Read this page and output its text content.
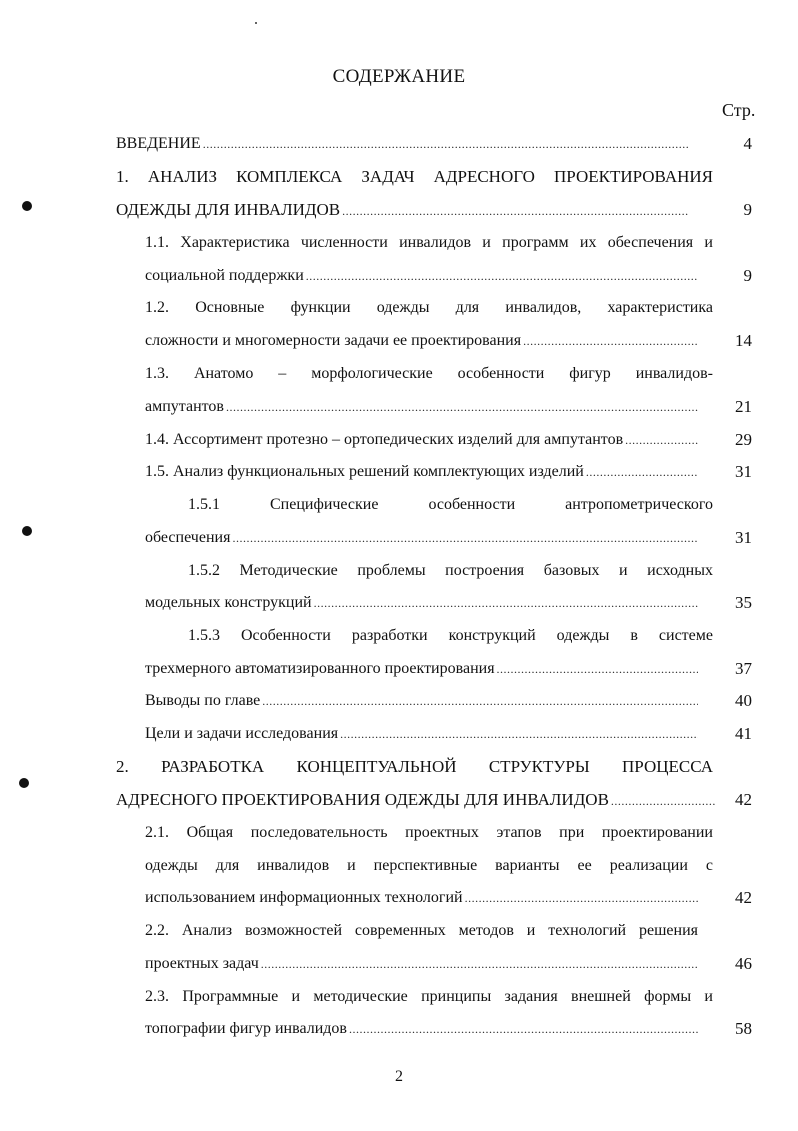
СОДЕРЖАНИЕ
Стр.
ВВЕДЕНИЕ .....	4
1. АНАЛИЗ КОМПЛЕКСА ЗАДАЧ АДРЕСНОГО ПРОЕКТИРОВАНИЯ
ОДЕЖДЫ ДЛЯ ИНВАЛИДОВ .....	9
1.1. Характеристика численности инвалидов и программ их обеспечения и
социальной поддержки .....	9
1.2. Основные функции одежды для инвалидов, характеристика
сложности и многомерности задачи ее проектирования .....	14
1.3. Анатомо – морфологические особенности фигур инвалидов-
ампутантов .....	21
1.4. Ассортимент протезно – ортопедических изделий для ампутантов .....	29
1.5. Анализ функциональных решений комплектующих изделий .....	31
1.5.1 Специфические особенности антропометрического
обеспечения .....	31
1.5.2 Методические проблемы построения базовых и исходных
модельных конструкций .....	35
1.5.3 Особенности разработки конструкций одежды в системе
трехмерного автоматизированного проектирования .....	37
Выводы по главе .....	40
Цели и задачи исследования .....	41
2. РАЗРАБОТКА КОНЦЕПТУАЛЬНОЙ СТРУКТУРЫ ПРОЦЕССА
АДРЕСНОГО ПРОЕКТИРОВАНИЯ ОДЕЖДЫ ДЛЯ ИНВАЛИДОВ .....	42
2.1. Общая последовательность проектных этапов при проектировании
одежды для инвалидов и перспективные варианты ее реализации с
использованием информационных технологий .....	42
2.2. Анализ возможностей современных методов и технологий решения
проектных задач .....	46
2.3. Программные и методические принципы задания внешней формы и
топографии фигур инвалидов .....	58
2
